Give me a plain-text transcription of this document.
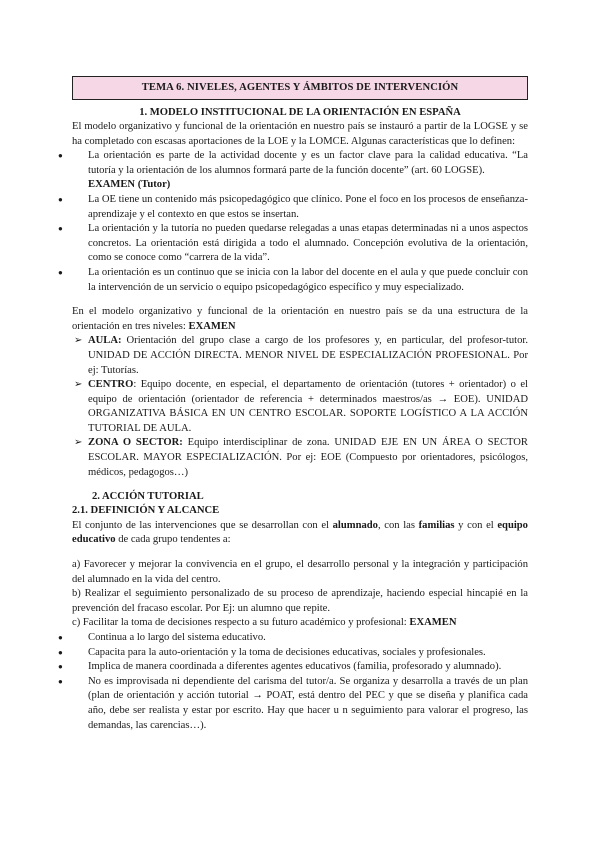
TEMA 6. NIVELES, AGENTES Y ÁMBITOS DE INTERVENCIÓN
1. MODELO INSTITUCIONAL DE LA ORIENTACIÓN EN ESPAÑA
El modelo organizativo y funcional de la orientación en nuestro país se instauró a partir de la LOGSE y se ha completado con escasas aportaciones de la LOE y la LOMCE. Algunas características que lo definen:
● La orientación es parte de la actividad docente y es un factor clave para la calidad educativa. “La tutoría y la orientación de los alumnos formará parte de la función docente” (art. 60 LOGSE).
EXAMEN (Tutor)
● La OE tiene un contenido más psicopedagógico que clínico. Pone el foco en los procesos de enseñanza-aprendizaje y el contexto en que estos se insertan.
● La orientación y la tutoría no pueden quedarse relegadas a unas etapas determinadas ni a unos aspectos concretos. La orientación está dirigida a todo el alumnado. Concepción evolutiva de la orientación, como se conoce como “carrera de la vida”.
● La orientación es un continuo que se inicia con la labor del docente en el aula y que puede concluir con la intervención de un servicio o equipo psicopedagógico específico y muy especializado.
En el modelo organizativo y funcional de la orientación en nuestro país se da una estructura de la orientación en tres niveles: EXAMEN
➢ AULA: Orientación del grupo clase a cargo de los profesores y, en particular, del profesor-tutor. UNIDAD DE ACCIÓN DIRECTA. MENOR NIVEL DE ESPECIALIZACIÓN PROFESIONAL. Por ej: Tutorías.
➢ CENTRO: Equipo docente, en especial, el departamento de orientación (tutores + orientador) o el equipo de orientación (orientador de referencia + determinados maestros/as → EOE). UNIDAD ORGANIZATIVA BÁSICA EN UN CENTRO ESCOLAR. SOPORTE LOGÍSTICO A LA ACCIÓN TUTORIAL DE AULA.
➢ ZONA O SECTOR: Equipo interdisciplinar de zona. UNIDAD EJE EN UN ÁREA O SECTOR ESCOLAR. MAYOR ESPECIALIZACIÓN. Por ej: EOE (Compuesto por orientadores, psicólogos, médicos, pedagogos…)
2. ACCIÓN TUTORIAL
2.1. DEFINICIÓN Y ALCANCE
El conjunto de las intervenciones que se desarrollan con el alumnado, con las familias y con el equipo educativo de cada grupo tendentes a:
a) Favorecer y mejorar la convivencia en el grupo, el desarrollo personal y la integración y participación del alumnado en la vida del centro.
b) Realizar el seguimiento personalizado de su proceso de aprendizaje, haciendo especial hincapié en la prevención del fracaso escolar. Por Ej: un alumno que repite.
c) Facilitar la toma de decisiones respecto a su futuro académico y profesional: EXAMEN
● Continua a lo largo del sistema educativo.
● Capacita para la auto-orientación y la toma de decisiones educativas, sociales y profesionales.
● Implica de manera coordinada a diferentes agentes educativos (familia, profesorado y alumnado).
● No es improvisada ni dependiente del carisma del tutor/a. Se organiza y desarrolla a través de un plan (plan de orientación y acción tutorial → POAT, está dentro del PEC y que se diseña y planifica cada año, debe ser realista y estar por escrito. Hay que hacer u n seguimiento para valorar el progreso, las demandas, las carencias…).
